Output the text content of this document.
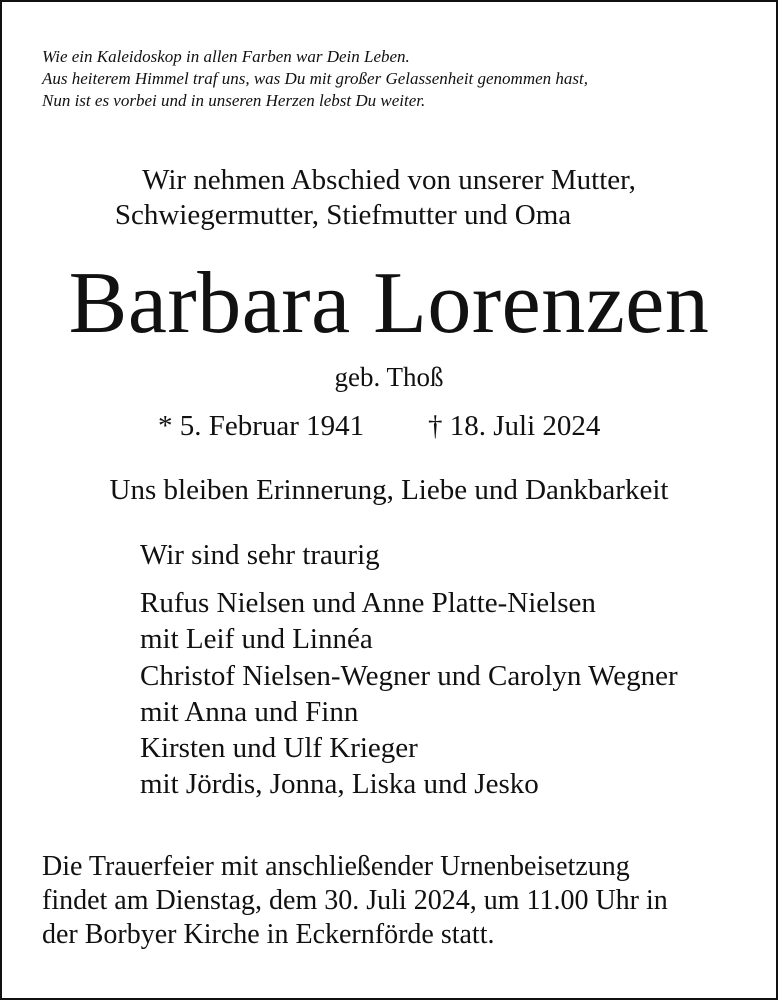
Wie ein Kaleidoskop in allen Farben war Dein Leben.
Aus heiterem Himmel traf uns, was Du mit großer Gelassenheit genommen hast,
Nun ist es vorbei und in unseren Herzen lebst Du weiter.
Wir nehmen Abschied von unserer Mutter,
Schwiegermutter, Stiefmutter und Oma
Barbara Lorenzen
geb. Thoß
* 5. Februar 1941 † 18. Juli 2024
Uns bleiben Erinnerung, Liebe und Dankbarkeit
Wir sind sehr traurig
Rufus Nielsen und Anne Platte-Nielsen
mit Leif und Linnéa
Christof Nielsen-Wegner und Carolyn Wegner
mit Anna und Finn
Kirsten und Ulf Krieger
mit Jördis, Jonna, Liska und Jesko
Die Trauerfeier mit anschließender Urnenbeisetzung
findet am Dienstag, dem 30. Juli 2024, um 11.00 Uhr in
der Borbyer Kirche in Eckernförde statt.
